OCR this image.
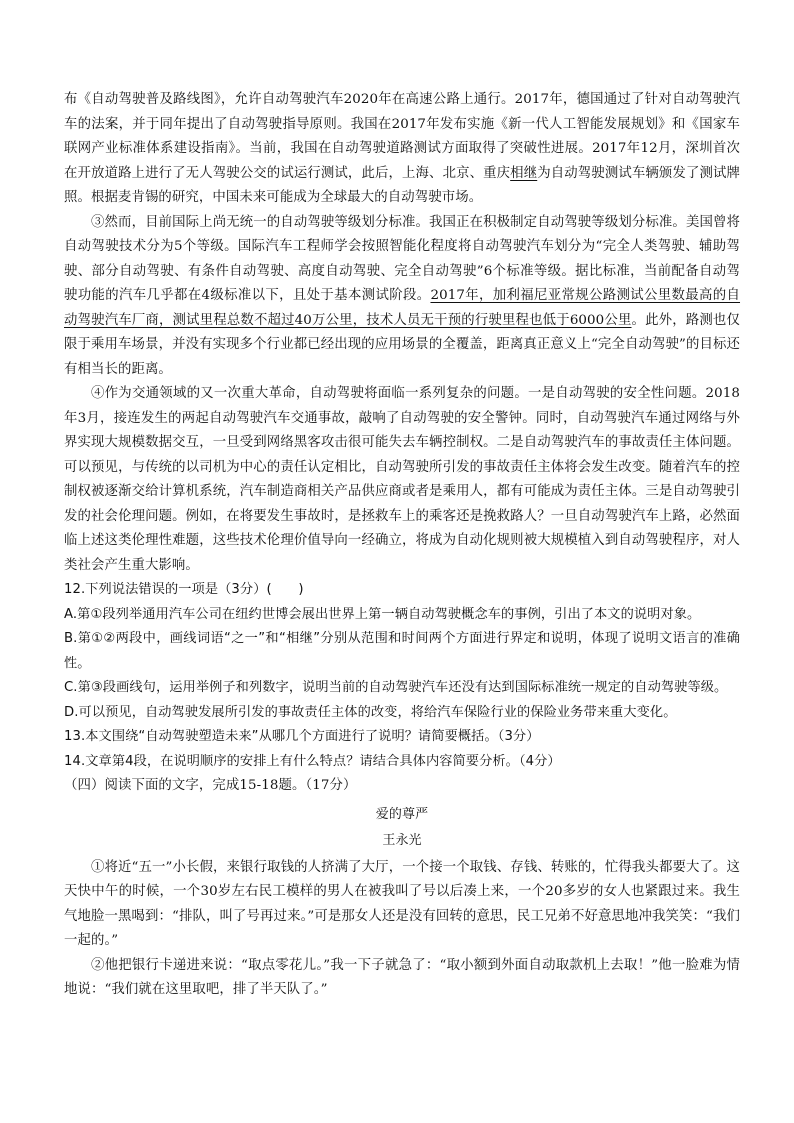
布《自动驾驶普及路线图》，允许自动驾驶汽车2020年在高速公路上通行。2017年，德国通过了针对自动驾驶汽车的法案，并于同年提出了自动驾驶指导原则。我国在2017年发布实施《新一代人工智能发展规划》和《国家车联网产业标准体系建设指南》。当前，我国在自动驾驶道路测试方面取得了突破性进展。2017年12月，深圳首次在开放道路上进行了无人驾驶公交的试运行测试，此后，上海、北京、重庆相继为自动驾驶测试车辆颁发了测试牌照。根据麦肯锡的研究，中国未来可能成为全球最大的自动驾驶市场。

③然而，目前国际上尚无统一的自动驾驶等级划分标准。我国正在积极制定自动驾驶等级划分标准。美国曾将自动驾驶技术分为5个等级。国际汽车工程师学会按照智能化程度将自动驾驶汽车划分为“完全人类驾驶、辅助驾驶、部分自动驾驶、有条件自动驾驶、高度自动驾驶、完全自动驾驶”6个标准等级。据比标准，当前配备自动驾驶功能的汽车几乎都在4级标准以下，且处于基本测试阶段。2017年，加利福尼亚常规公路测试公里数最高的自动驾驶汽车厂商，测试里程总数不超过40万公里，技术人员无干预的行驶里程也低于6000公里。此外，路测也仅限于乘用车场景，并没有实现多个行业都已经出现的应用场景的全覆盖，距离真正意义上“完全自动驾驶”的目标还有相当长的距离。

④作为交通领域的又一次重大革命，自动驾驶将面临一系列复杂的问题。一是自动驾驶的安全性问题。2018年3月，接连发生的两起自动驾驶汽车交通事故，敲响了自动驾驶的安全警钟。同时，自动驾驶汽车通过网络与外界实现大规模数据交互，一旦受到网络黑客攻击很可能失去车辆控制权。二是自动驾驶汽车的事故责任主体问题。可以预见，与传统的以司机为中心的责任认定相比，自动驾驶所引发的事故责任主体将会发生改变。随着汽车的控制权被逐渐交给计算机系统，汽车制造商相关产品供应商或者是乘用人，都有可能成为责任主体。三是自动驾驶引发的社会伦理问题。例如，在将要发生事故时，是拯救车上的乘客还是挽救路人？一旦自动驾驶汽车上路，必然面临上述这类伦理性难题，这些技术伦理价值导向一经确立，将成为自动化规则被大规模植入到自动驾驶程序，对人类社会产生重大影响。

12.下列说法错误的一项是（3分）(　　)

A.第①段列举通用汽车公司在纽约世博会展出世界上第一辆自动驾驶概念车的事例，引出了本文的说明对象。

B.第①②两段中，画线词语“之一”和“相继”分别从范围和时间两个方面进行界定和说明，体现了说明文语言的准确性。

C.第③段画线句，运用举例子和列数字，说明当前的自动驾驶汽车还没有达到国际标准统一规定的自动驾驶等级。

D.可以预见，自动驾驶发展所引发的事故责任主体的改变，将给汽车保险行业的保险业务带来重大变化。

13.本文围绕“自动驾驶塑造未来”从哪几个方面进行了说明？请简要概括。（3分）

14.文章第4段，在说明顺序的安排上有什么特点？请结合具体内容简要分析。（4分）

（四）阅读下面的文字，完成15-18题。（17分）

爱的尊严

王永光

①将近“五一”小长假，来银行取钱的人挤满了大厅，一个接一个取钱、存钱、转账的，忙得我头都要大了。这天快中午的时候，一个30岁左右民工模样的男人在被我叫了号以后凑上来，一个20多岁的女人也紧跟过来。我生气地脸一黑喝到：“排队，叫了号再过来。”可是那女人还是没有回转的意思，民工兄弟不好意思地冲我笑笑：“我们一起的。”

②他把银行卡递进来说：“取点零花儿。”我一下子就急了：“取小额到外面自动取款机上去取！”他一脸难为情地说：“我们就在这里取吧，排了半天队了。”
